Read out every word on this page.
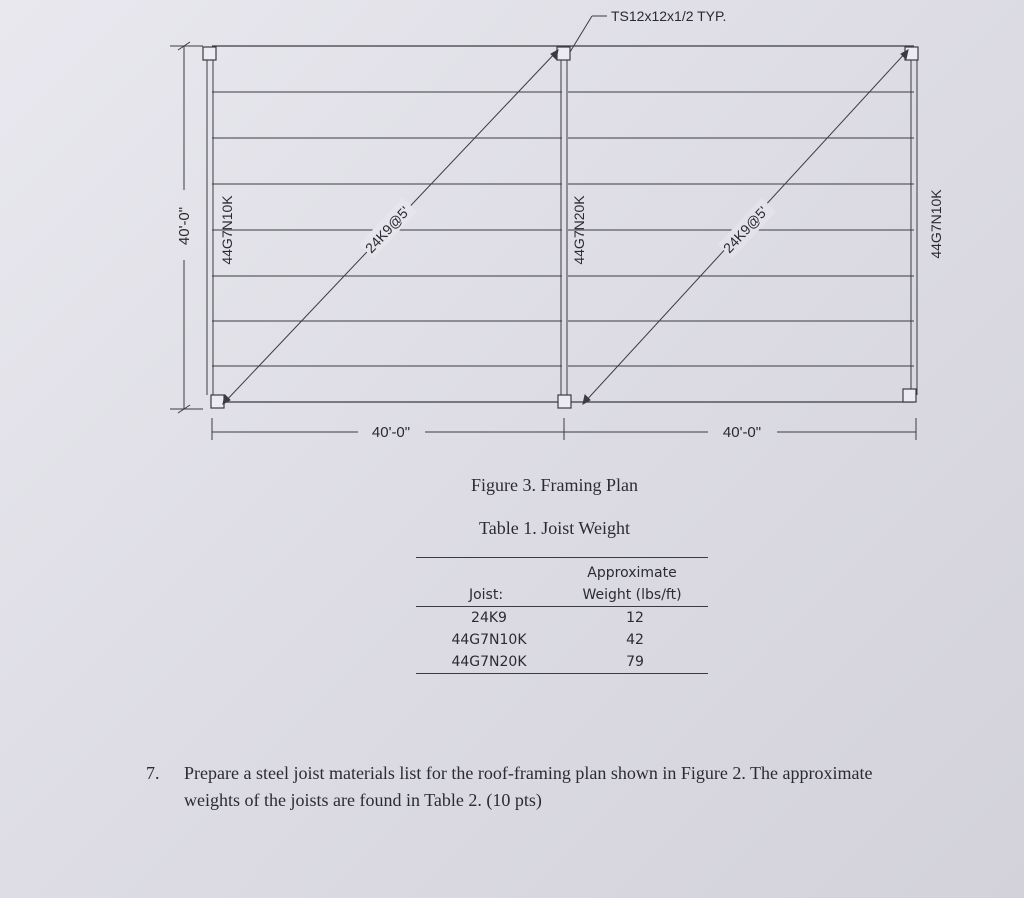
TS12x12x1/2 TYP.
40'-0"
40'-0"	40'-0"
44G7N10K	44G7N20K	44G7N10K
24K9@5'	24K9@5'
Figure 3. Framing Plan
Table 1. Joist Weight

Joist:	Approximate
Weight (lbs/ft)

24K9	12
44G7N10K	42
44G7N20K	79
7. Prepare a steel joist materials list for the roof-framing plan shown in Figure 2. The approximate weights of the joists are found in Table 2. (10 pts)
